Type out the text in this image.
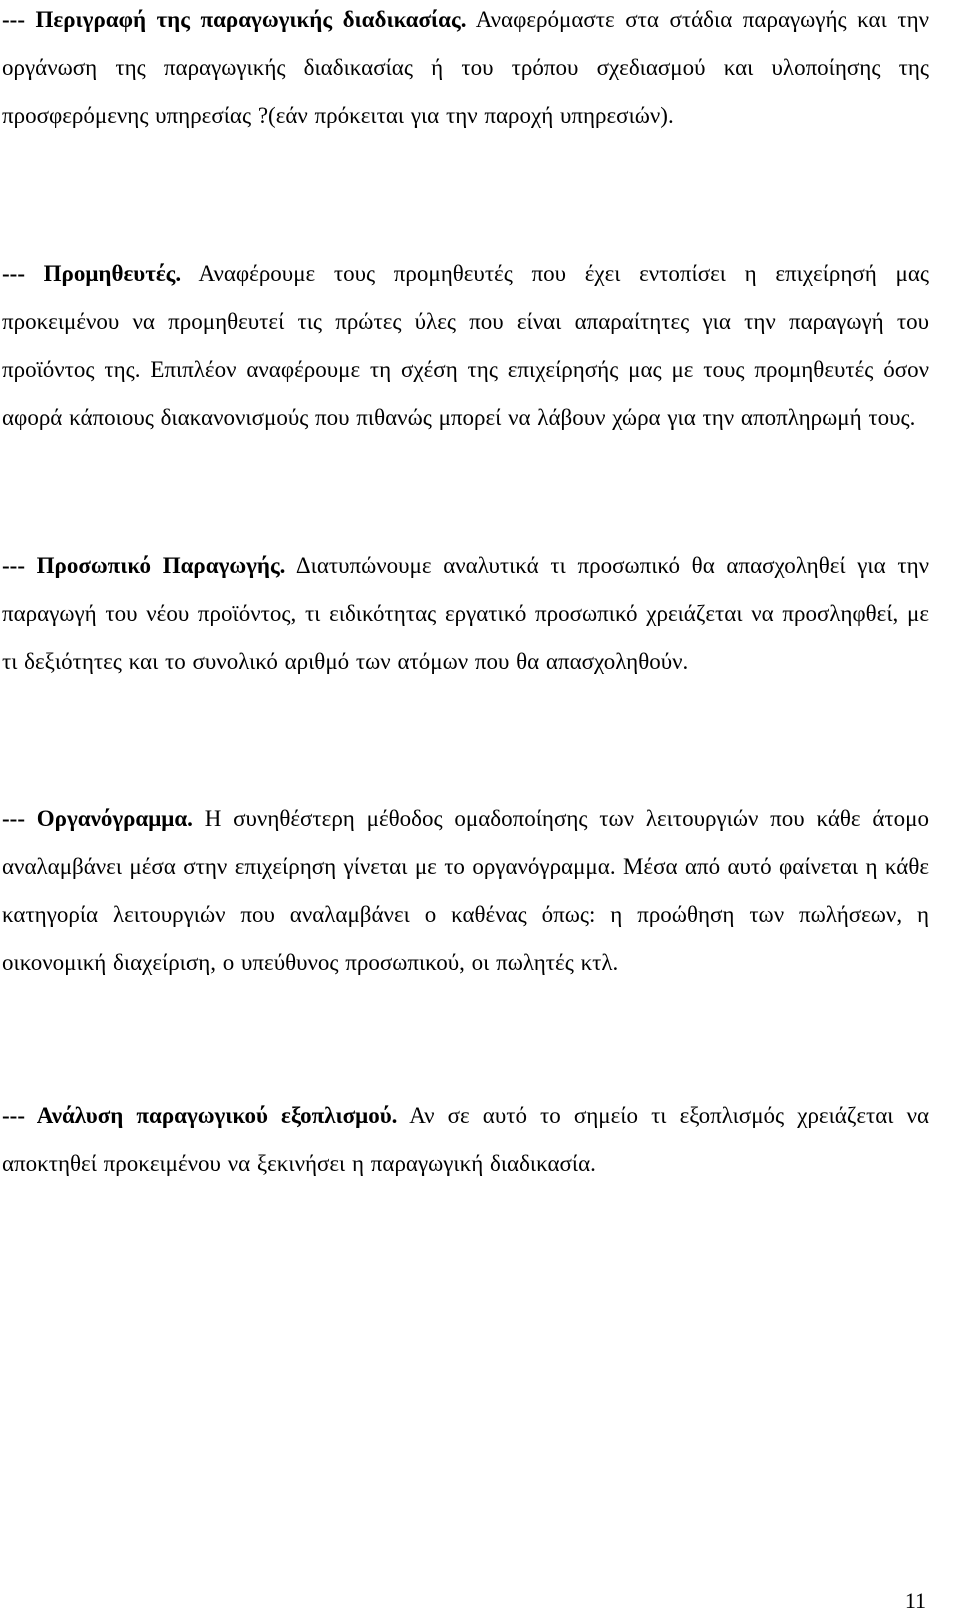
--- Περιγραφή της παραγωγικής διαδικασίας. Αναφερόμαστε στα στάδια παραγωγής και την οργάνωση της παραγωγικής διαδικασίας ή του τρόπου σχεδιασμού και υλοποίησης της προσφερόμενης υπηρεσίας ?(εάν πρόκειται για την παροχή υπηρεσιών).

--- Προμηθευτές. Αναφέρουμε τους προμηθευτές που έχει εντοπίσει η επιχείρησή μας προκειμένου να προμηθευτεί τις πρώτες ύλες που είναι απαραίτητες για την παραγωγή του προϊόντος της. Επιπλέον αναφέρουμε τη σχέση της επιχείρησής μας με τους προμηθευτές όσον αφορά κάποιους διακανονισμούς που πιθανώς μπορεί να λάβουν χώρα για την αποπληρωμή τους.

--- Προσωπικό Παραγωγής. Διατυπώνουμε αναλυτικά τι προσωπικό θα απασχοληθεί για την παραγωγή του νέου προϊόντος, τι ειδικότητας εργατικό προσωπικό χρειάζεται να προσληφθεί, με τι δεξιότητες και το συνολικό αριθμό των ατόμων που θα απασχοληθούν.

--- Οργανόγραμμα. Η συνηθέστερη μέθοδος ομαδοποίησης των λειτουργιών που κάθε άτομο αναλαμβάνει μέσα στην επιχείρηση γίνεται με το οργανόγραμμα. Μέσα από αυτό φαίνεται η κάθε κατηγορία λειτουργιών που αναλαμβάνει ο καθένας όπως: η προώθηση των πωλήσεων, η οικονομική διαχείριση, ο υπεύθυνος προσωπικού, οι πωλητές κτλ.

--- Ανάλυση παραγωγικού εξοπλισμού. Αν σε αυτό το σημείο τι εξοπλισμός χρειάζεται να αποκτηθεί προκειμένου να ξεκινήσει η παραγωγική διαδικασία.

11
